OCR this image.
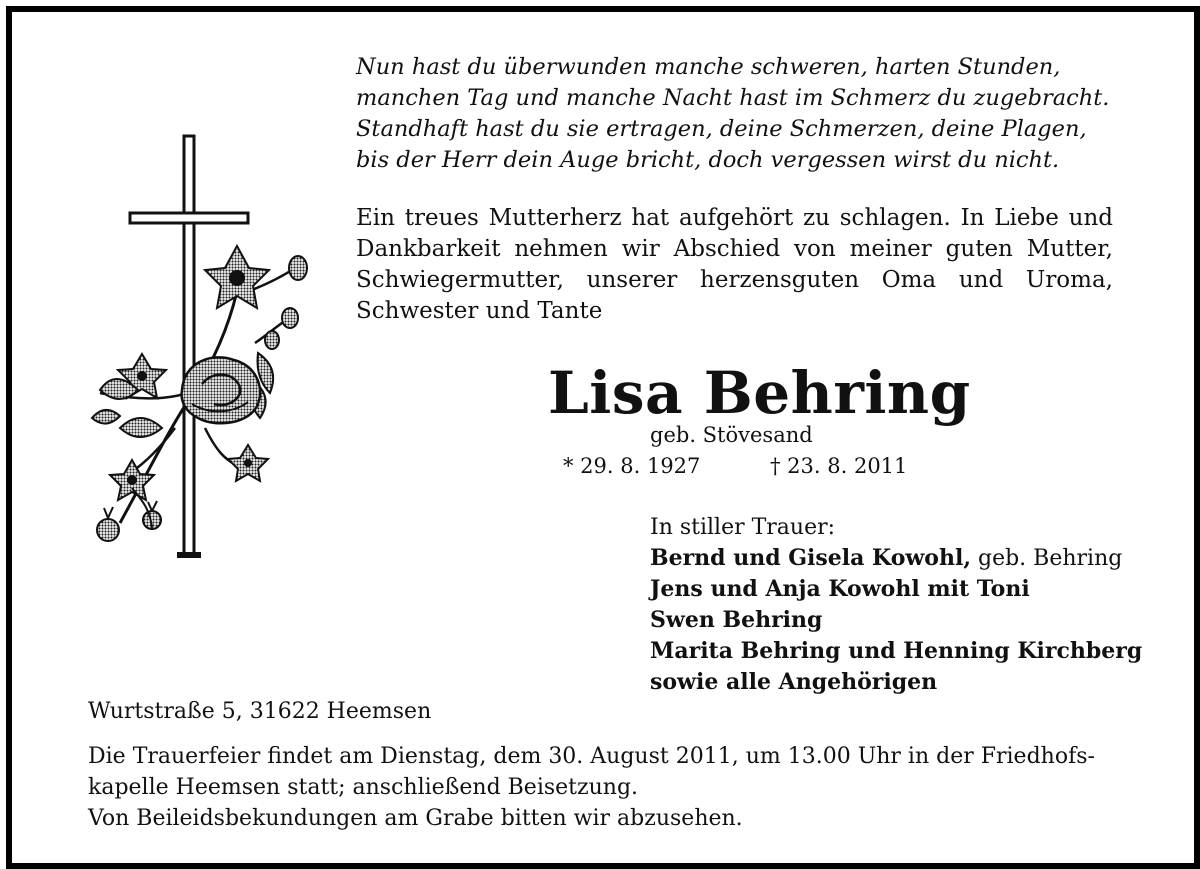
Nun hast du überwunden manche schweren, harten Stunden,
manchen Tag und manche Nacht hast im Schmerz du zugebracht.
Standhaft hast du sie ertragen, deine Schmerzen, deine Plagen,
bis der Herr dein Auge bricht, doch vergessen wirst du nicht.
Ein treues Mutterherz hat aufgehört zu schlagen. In Liebe und
Dankbarkeit nehmen wir Abschied von meiner guten Mutter,
Schwiegermutter, unserer herzensguten Oma und Uroma,
Schwester und Tante
Lisa Behring
geb. Stövesand
* 29. 8. 1927	† 23. 8. 2011
In stiller Trauer:
Bernd und Gisela Kowohl, geb. Behring
Jens und Anja Kowohl mit Toni
Swen Behring
Marita Behring und Henning Kirchberg
sowie alle Angehörigen
Wurtstraße 5, 31622 Heemsen
Die Trauerfeier findet am Dienstag, dem 30. August 2011, um 13.00 Uhr in der Friedhofs-
kapelle Heemsen statt; anschließend Beisetzung.
Von Beileidsbekundungen am Grabe bitten wir abzusehen.
